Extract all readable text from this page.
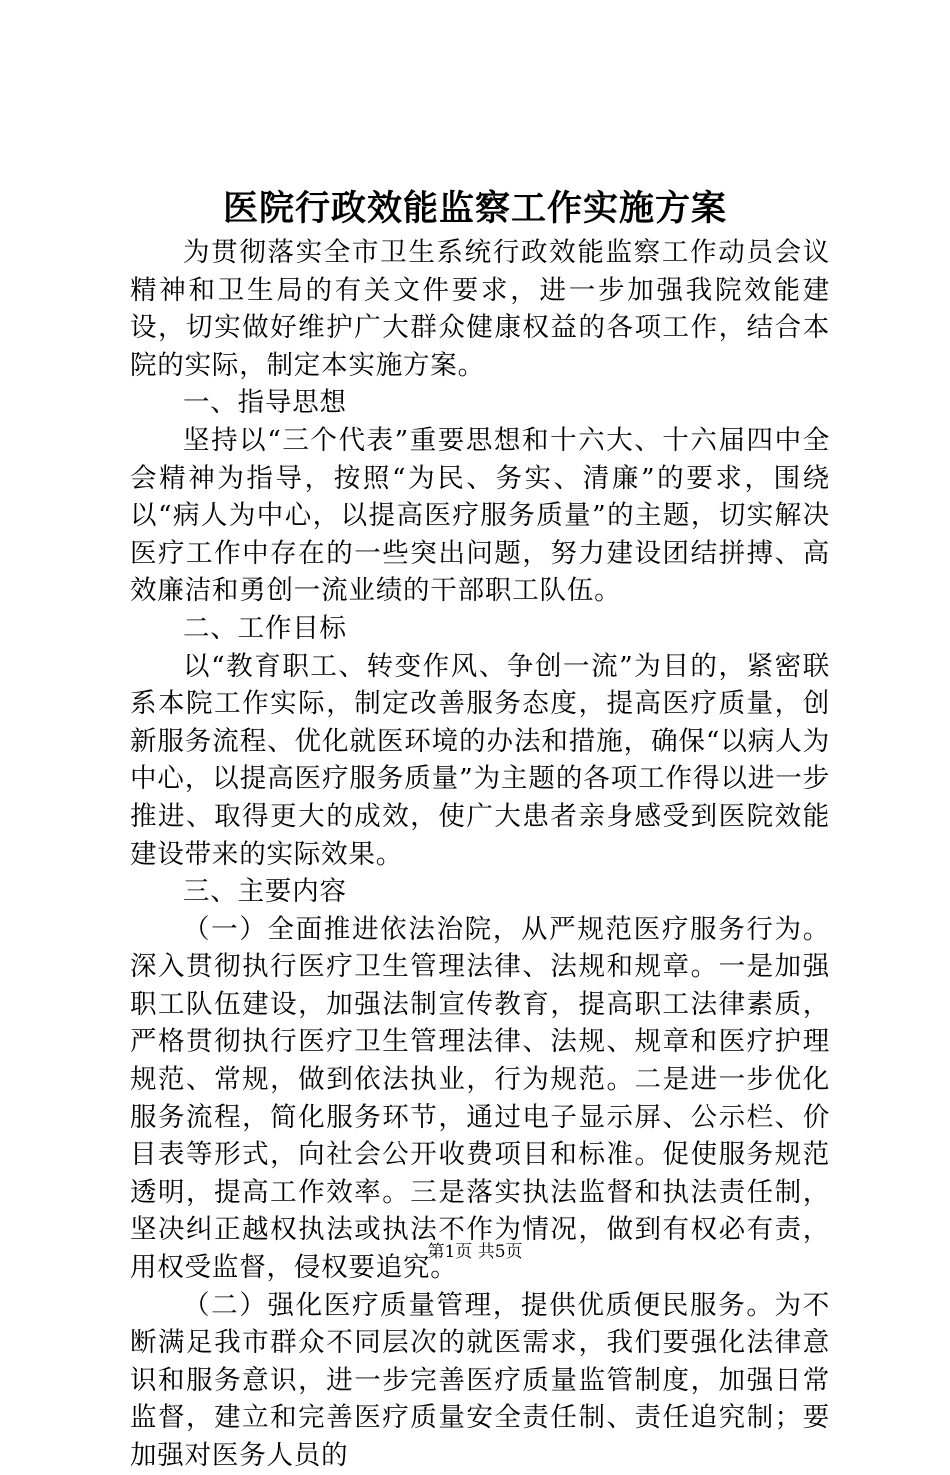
医院行政效能监察工作实施方案

为贯彻落实全市卫生系统行政效能监察工作动员会议精神和卫生局的有关文件要求，进一步加强我院效能建设，切实做好维护广大群众健康权益的各项工作，结合本院的实际，制定本实施方案。

一、指导思想

坚持以“三个代表”重要思想和十六大、十六届四中全会精神为指导，按照“为民、务实、清廉”的要求，围绕以“病人为中心，以提高医疗服务质量”的主题，切实解决医疗工作中存在的一些突出问题，努力建设团结拼搏、高效廉洁和勇创一流业绩的干部职工队伍。

二、工作目标

以“教育职工、转变作风、争创一流”为目的，紧密联系本院工作实际，制定改善服务态度，提高医疗质量，创新服务流程、优化就医环境的办法和措施，确保“以病人为中心，以提高医疗服务质量”为主题的各项工作得以进一步推进、取得更大的成效，使广大患者亲身感受到医院效能建设带来的实际效果。

三、主要内容

（一）全面推进依法治院，从严规范医疗服务行为。深入贯彻执行医疗卫生管理法律、法规和规章。一是加强职工队伍建设，加强法制宣传教育，提高职工法律素质，严格贯彻执行医疗卫生管理法律、法规、规章和医疗护理规范、常规，做到依法执业，行为规范。二是进一步优化服务流程，简化服务环节，通过电子显示屏、公示栏、价目表等形式，向社会公开收费项目和标准。促使服务规范透明，提高工作效率。三是落实执法监督和执法责任制，坚决纠正越权执法或执法不作为情况，做到有权必有责，用权受监督，侵权要追究。

（二）强化医疗质量管理，提供优质便民服务。为不断满足我市群众不同层次的就医需求，我们要强化法律意识和服务意识，进一步完善医疗质量监管制度，加强日常监督，建立和完善医疗质量安全责任制、责任追究制；要加强对医务人员的

第1页 共5页
